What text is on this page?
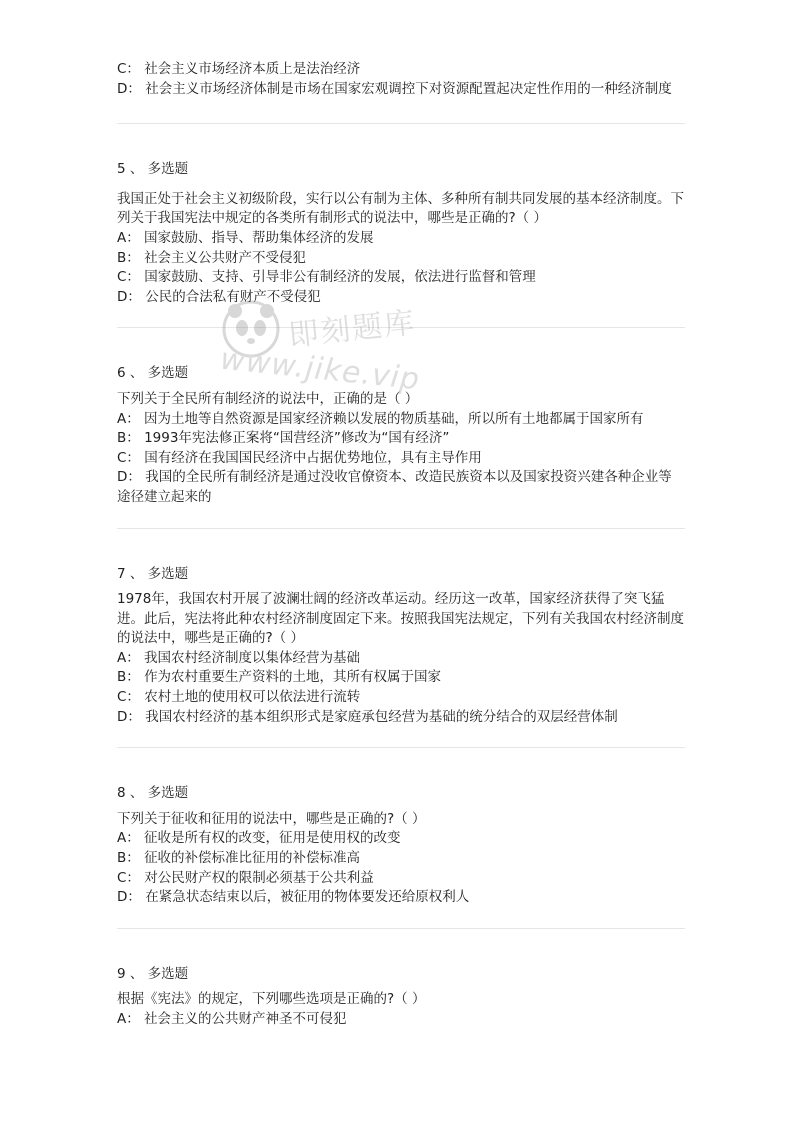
C： 社会主义市场经济本质上是法治经济

D： 社会主义市场经济体制是市场在国家宏观调控下对资源配置起决定性作用的一种经济制度

5 、 多选题

我国正处于社会主义初级阶段，实行以公有制为主体、多种所有制共同发展的基本经济制度。下列关于我国宪法中规定的各类所有制形式的说法中，哪些是正确的?（ ）

A： 国家鼓励、指导、帮助集体经济的发展

B： 社会主义公共财产不受侵犯

C： 国家鼓励、支持、引导非公有制经济的发展，依法进行监督和管理

D： 公民的合法私有财产不受侵犯

6 、 多选题

下列关于全民所有制经济的说法中，正确的是（ ）

A： 因为土地等自然资源是国家经济赖以发展的物质基础，所以所有土地都属于国家所有

B： 1993年宪法修正案将“国营经济”修改为“国有经济”

C： 国有经济在我国国民经济中占据优势地位，具有主导作用

D： 我国的全民所有制经济是通过没收官僚资本、改造民族资本以及国家投资兴建各种企业等途径建立起来的

7 、 多选题

1978年，我国农村开展了波澜壮阔的经济改革运动。经历这一改革，国家经济获得了突飞猛进。此后，宪法将此种农村经济制度固定下来。按照我国宪法规定，下列有关我国农村经济制度的说法中，哪些是正确的?（ ）

A： 我国农村经济制度以集体经营为基础

B： 作为农村重要生产资料的土地，其所有权属于国家

C： 农村土地的使用权可以依法进行流转

D： 我国农村经济的基本组织形式是家庭承包经营为基础的统分结合的双层经营体制

8 、 多选题

下列关于征收和征用的说法中，哪些是正确的?（ ）

A： 征收是所有权的改变，征用是使用权的改变

B： 征收的补偿标准比征用的补偿标准高

C： 对公民财产权的限制必须基于公共利益

D： 在紧急状态结束以后，被征用的物体要发还给原权利人

9 、 多选题

根据《宪法》的规定，下列哪些选项是正确的?（ ）

A： 社会主义的公共财产神圣不可侵犯

即刻题库
www.jike.vip
